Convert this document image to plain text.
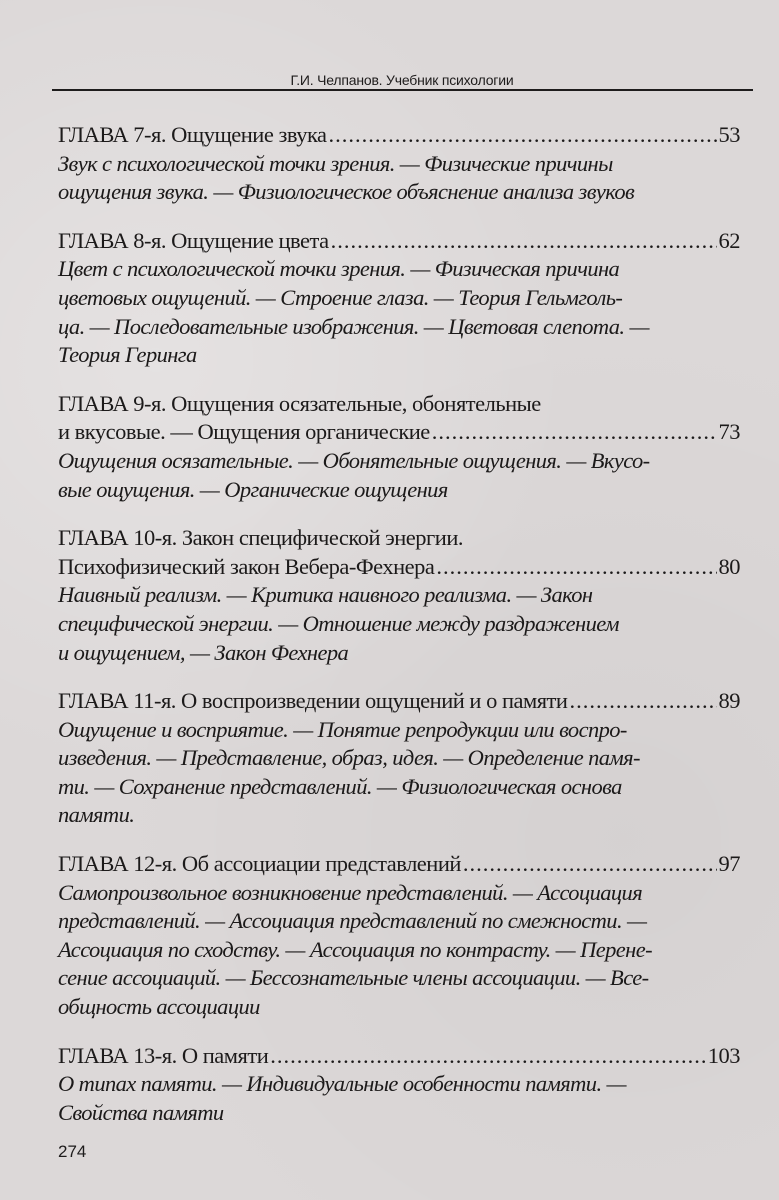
Г.И. Челпанов. Учебник психологии
ГЛАВА 7-я. Ощущение звука .....	53
Звук с психологической точки зрения. — Физические причины
ощущения звука. — Физиологическое объяснение анализа звуков
ГЛАВА 8-я. Ощущение цвета .....	62
Цвет с психологической точки зрения. — Физическая причина
цветовых ощущений. — Строение глаза. — Теория Гельмголь-
ца. — Последовательные изображения. — Цветовая слепота. —
Теория Геринга
ГЛАВА 9-я. Ощущения осязательные, обонятельные
и вкусовые. — Ощущения органические .....	73
Ощущения осязательные. — Обонятельные ощущения. — Вкусо-
вые ощущения. — Органические ощущения
ГЛАВА 10-я. Закон специфической энергии.
Психофизический закон Вебера-Фехнера .....	80
Наивный реализм. — Критика наивного реализма. — Закон
специфической энергии. — Отношение между раздражением
и ощущением, — Закон Фехнера
ГЛАВА 11-я. О воспроизведении ощущений и о памяти .....	89
Ощущение и восприятие. — Понятие репродукции или воспро-
изведения. — Представление, образ, идея. — Определение памя-
ти. — Сохранение представлений. — Физиологическая основа
памяти.
ГЛАВА 12-я. Об ассоциации представлений .....	97
Самопроизвольное возникновение представлений. — Ассоциация
представлений. — Ассоциация представлений по смежности. —
Ассоциация по сходству. — Ассоциация по контрасту. — Перене-
сение ассоциаций. — Бессознательные члены ассоциации. — Все-
общность ассоциации
ГЛАВА 13-я. О памяти .....	103
О типах памяти. — Индивидуальные особенности памяти. —
Свойства памяти
274
